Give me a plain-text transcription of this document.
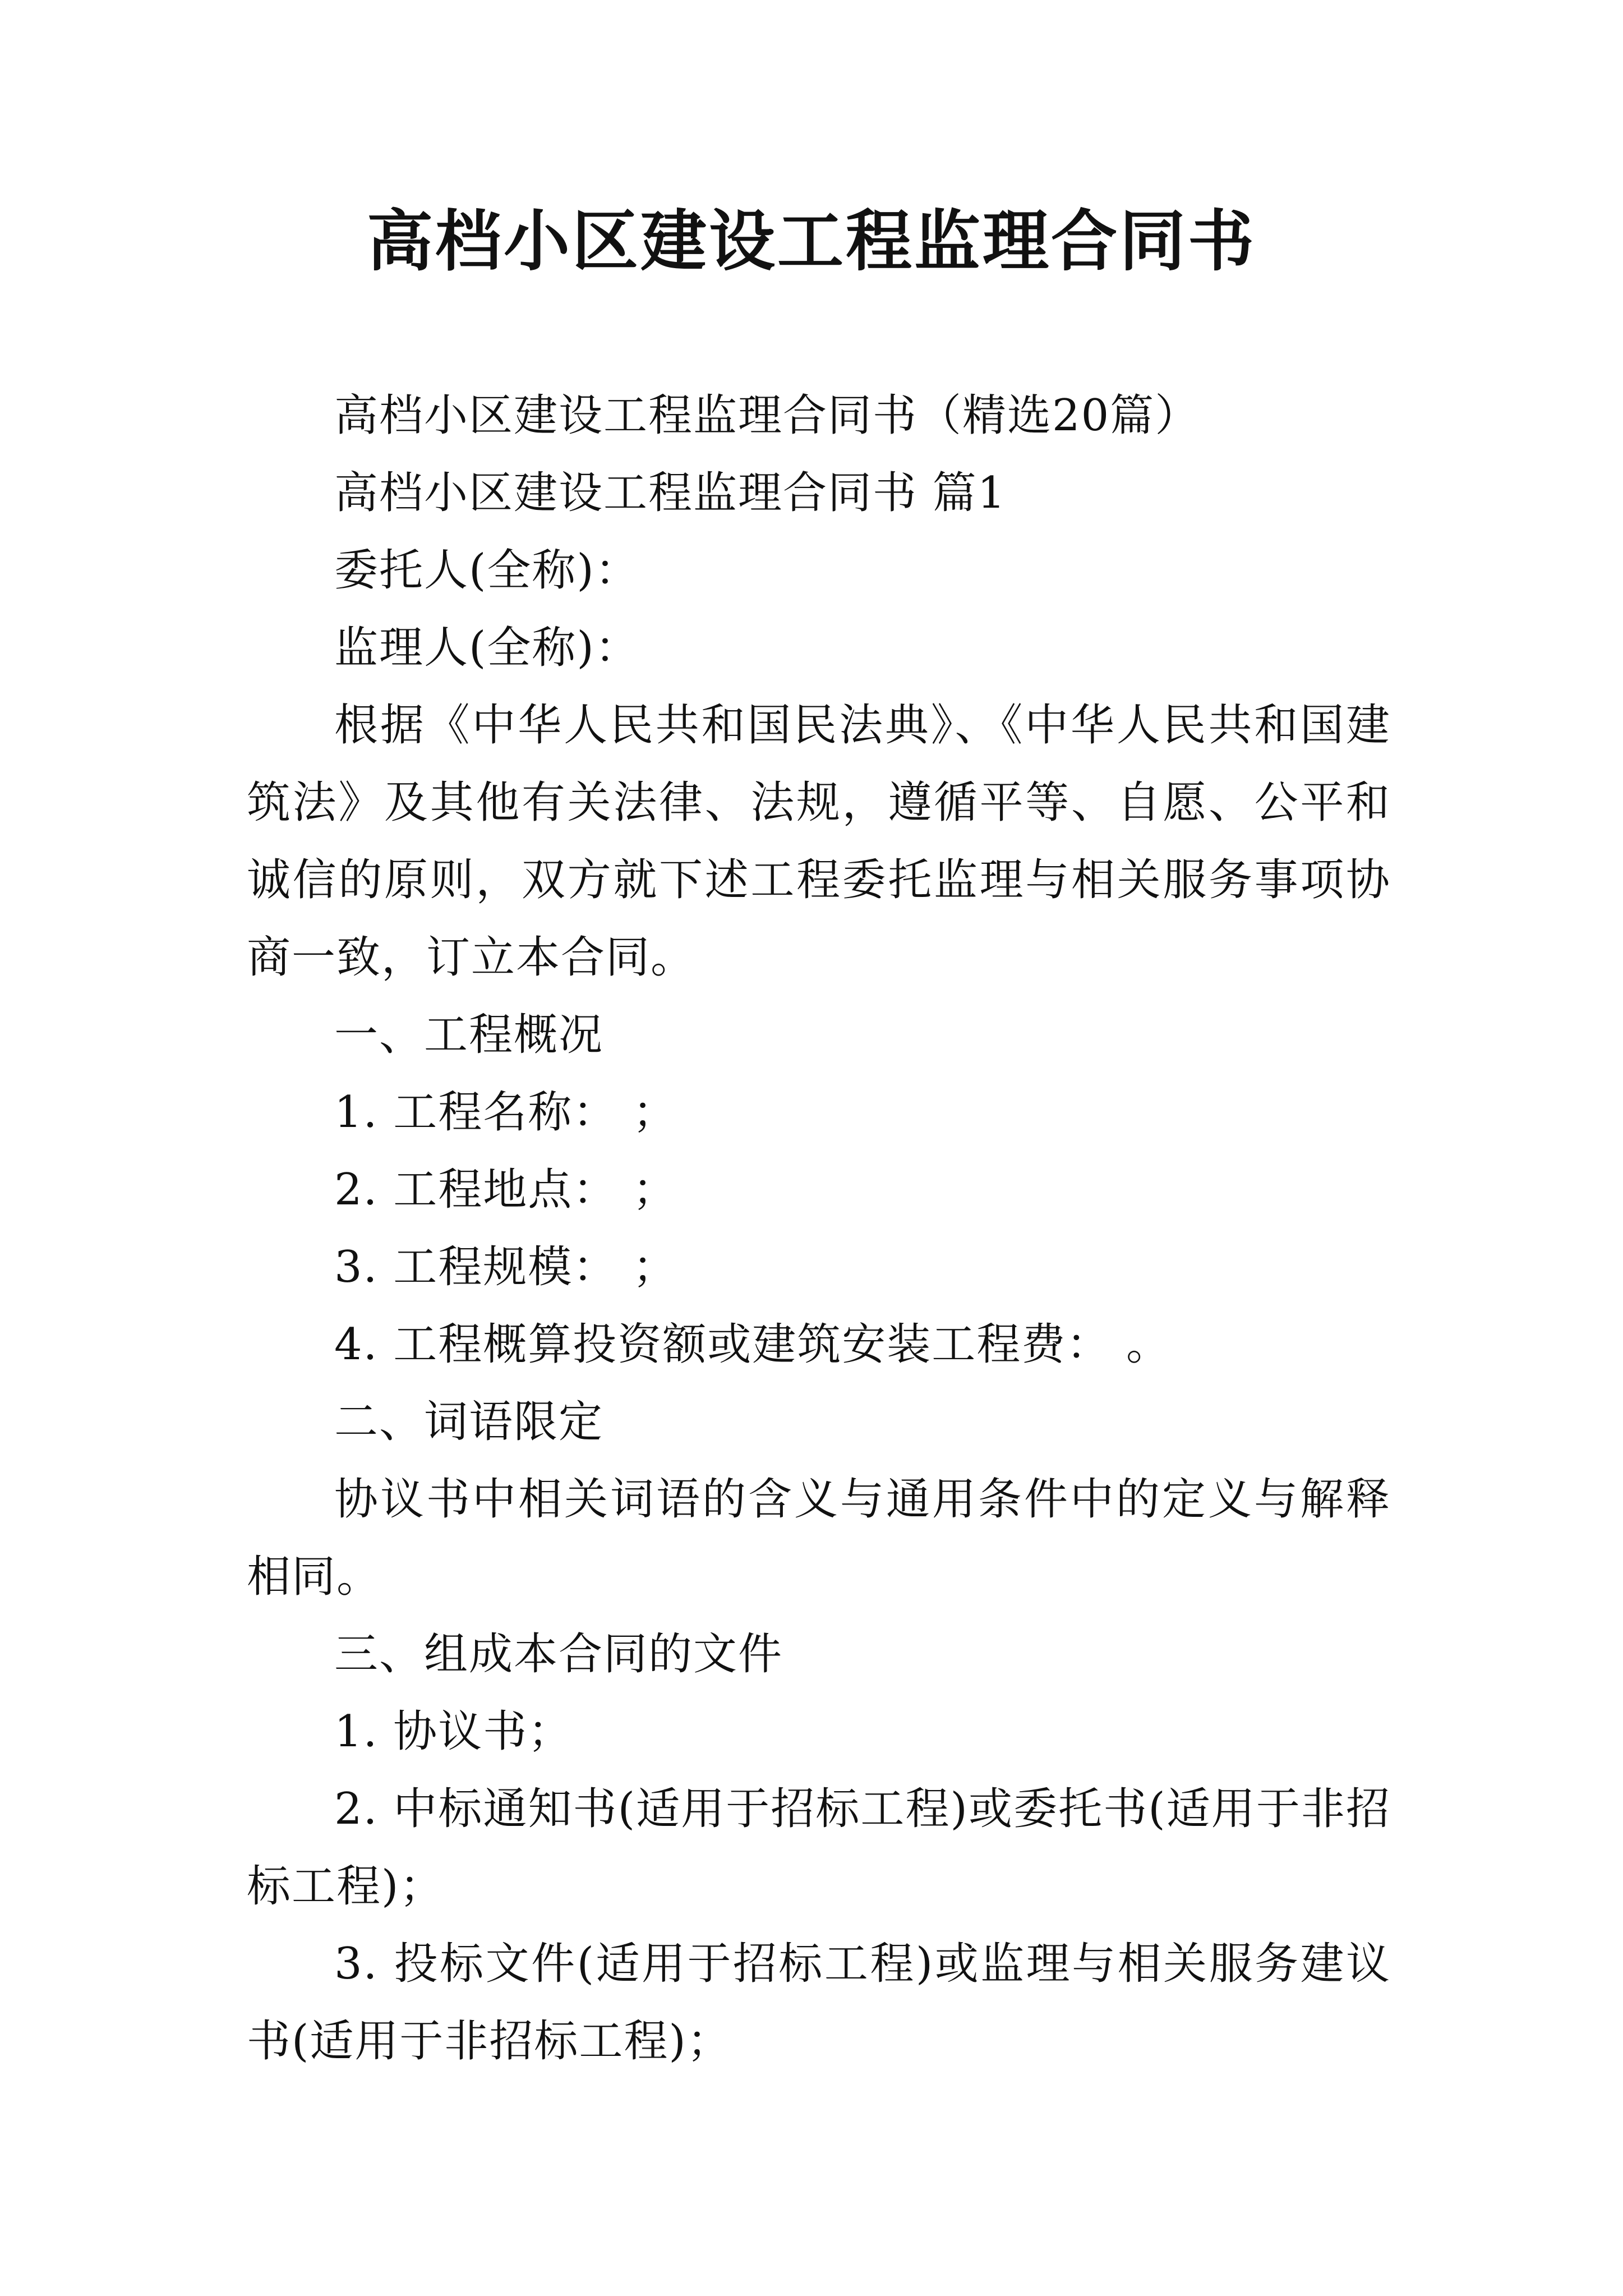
高档小区建设工程监理合同书

高档小区建设工程监理合同书（精选20篇）

高档小区建设工程监理合同书 篇1

委托人(全称)：

监理人(全称)：

根据《中华人民共和国民法典》、《中华人民共和国建筑法》及其他有关法律、法规，遵循平等、自愿、公平和诚信的原则，双方就下述工程委托监理与相关服务事项协商一致，订立本合同。

一、工程概况

1. 工程名称： ；

2. 工程地点： ；

3. 工程规模： ；

4. 工程概算投资额或建筑安装工程费： 。

二、词语限定

协议书中相关词语的含义与通用条件中的定义与解释相同。

三、组成本合同的文件

1. 协议书；

2. 中标通知书(适用于招标工程)或委托书(适用于非招标工程)；

3. 投标文件(适用于招标工程)或监理与相关服务建议书(适用于非招标工程)；
